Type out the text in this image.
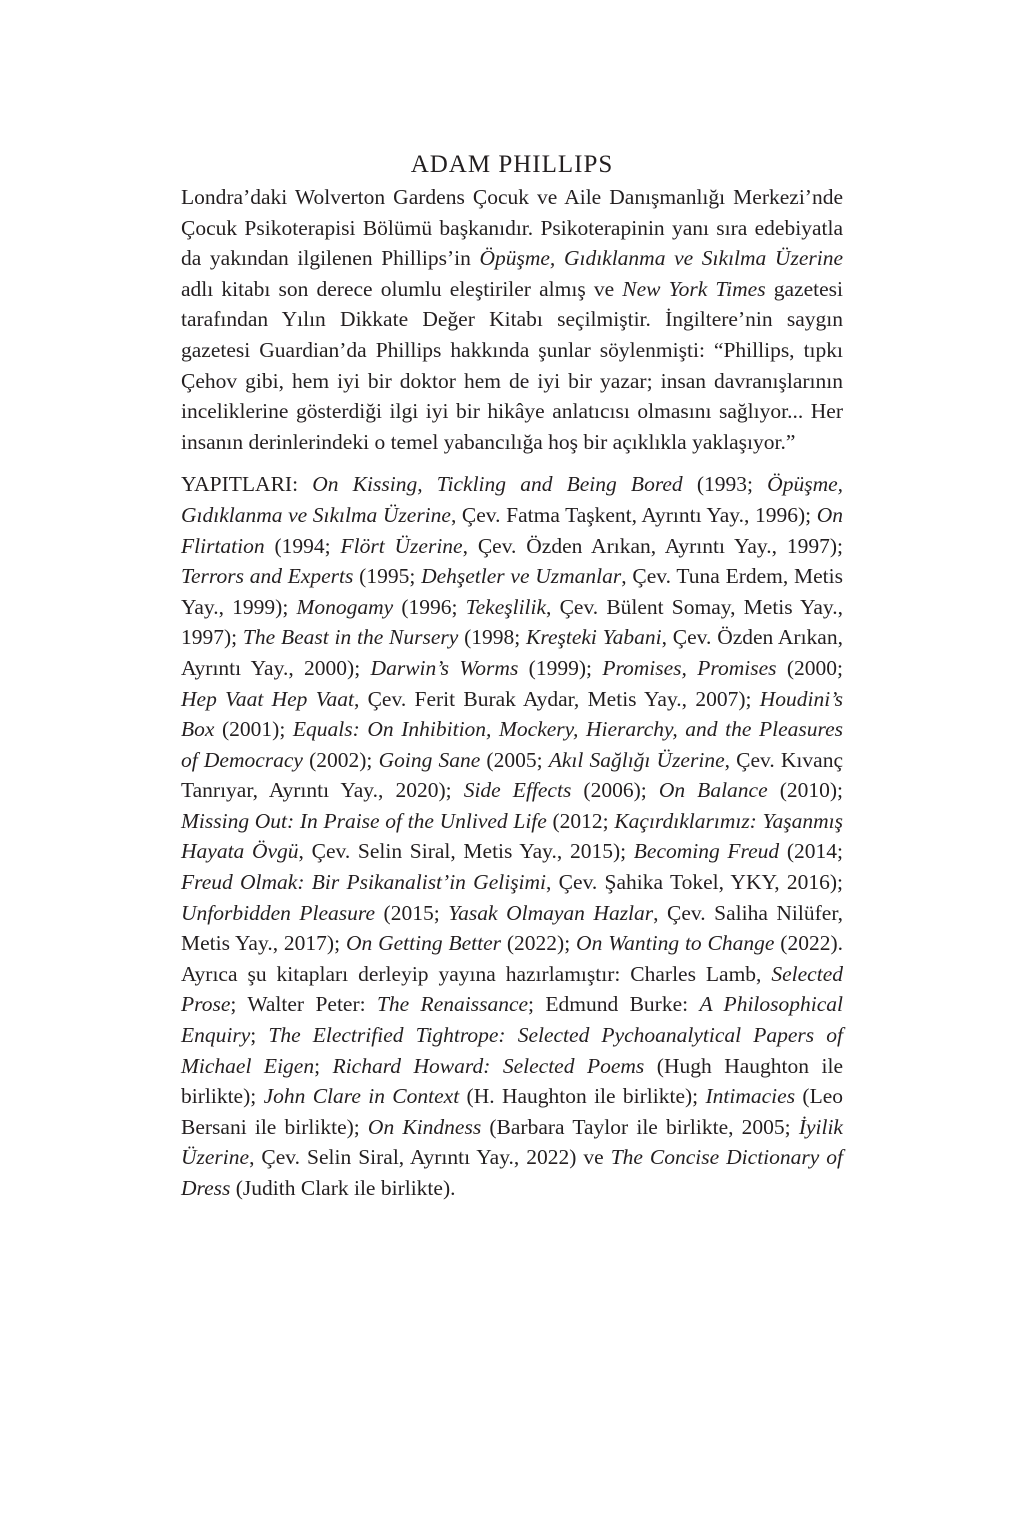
ADAM PHILLIPS

Londra’daki Wolverton Gardens Çocuk ve Aile Danışmanlığı Merkezi’nde Çocuk Psikoterapisi Bölümü başkanıdır. Psikoterapinin yanı sıra edebiyatla da yakından ilgilenen Phillips’in Öpüşme, Gıdıklanma ve Sıkılma Üzerine adlı kitabı son derece olumlu eleştiriler almış ve New York Times gazetesi tarafından Yılın Dikkate Değer Kitabı seçilmiştir. İngiltere’nin saygın gazetesi Guardian’da Phillips hakkında şunlar söylenmişti: “Phillips, tıpkı Çehov gibi, hem iyi bir doktor hem de iyi bir yazar; insan davranışlarının inceliklerine gösterdiği ilgi iyi bir hikâye anlatıcısı olmasını sağlıyor... Her insanın derinlerindeki o temel yabancılığa hoş bir açıklıkla yaklaşıyor.”

YAPITLARI: On Kissing, Tickling and Being Bored (1993; Öpüşme, Gıdıklanma ve Sıkılma Üzerine, Çev. Fatma Taşkent, Ayrıntı Yay., 1996); On Flirtation (1994; Flört Üzerine, Çev. Özden Arıkan, Ayrıntı Yay., 1997); Terrors and Experts (1995; Dehşetler ve Uzmanlar, Çev. Tuna Erdem, Metis Yay., 1999); Monogamy (1996; Tekeşlilik, Çev. Bülent Somay, Metis Yay., 1997); The Beast in the Nursery (1998; Kreşteki Yabani, Çev. Özden Arıkan, Ayrıntı Yay., 2000); Darwin’s Worms (1999); Promises, Promises (2000; Hep Vaat Hep Vaat, Çev. Ferit Burak Aydar, Metis Yay., 2007); Houdini’s Box (2001); Equals: On Inhibition, Mockery, Hierarchy, and the Pleasures of Democracy (2002); Going Sane (2005; Akıl Sağlığı Üzerine, Çev. Kıvanç Tanrıyar, Ayrıntı Yay., 2020); Side Effects (2006); On Balance (2010); Missing Out: In Praise of the Unlived Life (2012; Kaçırdıklarımız: Yaşanmış Hayata Övgü, Çev. Selin Siral, Metis Yay., 2015); Becoming Freud (2014; Freud Olmak: Bir Psikanalist’in Gelişimi, Çev. Şahika Tokel, YKY, 2016); Unforbidden Pleasure (2015; Yasak Olmayan Hazlar, Çev. Saliha Nilüfer, Metis Yay., 2017); On Getting Better (2022); On Wanting to Change (2022). Ayrıca şu kitapları derleyip yayına hazırlamıştır: Charles Lamb, Selected Prose; Walter Peter: The Renaissance; Edmund Burke: A Philosophical Enquiry; The Electrified Tightrope: Selected Pychoanalytical Papers of Michael Eigen; Richard Howard: Selected Poems (Hugh Haughton ile birlikte); John Clare in Context (H. Haughton ile birlikte); Intimacies (Leo Bersani ile birlikte); On Kindness (Barbara Taylor ile birlikte, 2005; İyilik Üzerine, Çev. Selin Siral, Ayrıntı Yay., 2022) ve The Concise Dictionary of Dress (Judith Clark ile birlikte).
